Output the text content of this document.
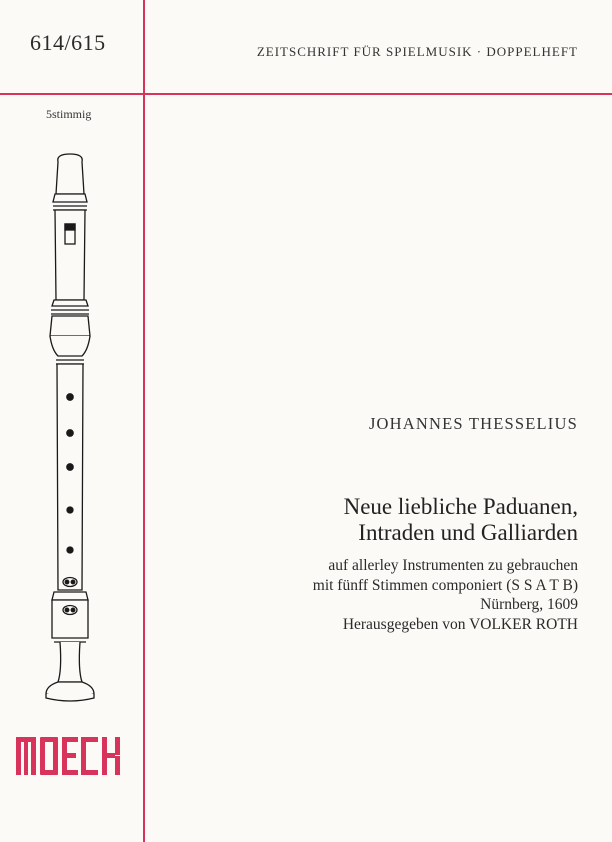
614/615	ZEITSCHRIFT FÜR SPIELMUSIK · DOPPELHEFT
5stimmig
JOHANNES THESSELIUS
Neue liebliche Paduanen,
Intraden und Galliarden
auf allerley Instrumenten zu gebrauchen
mit fünff Stimmen componiert (S S A T B)
Nürnberg, 1609
Herausgegeben von VOLKER ROTH
